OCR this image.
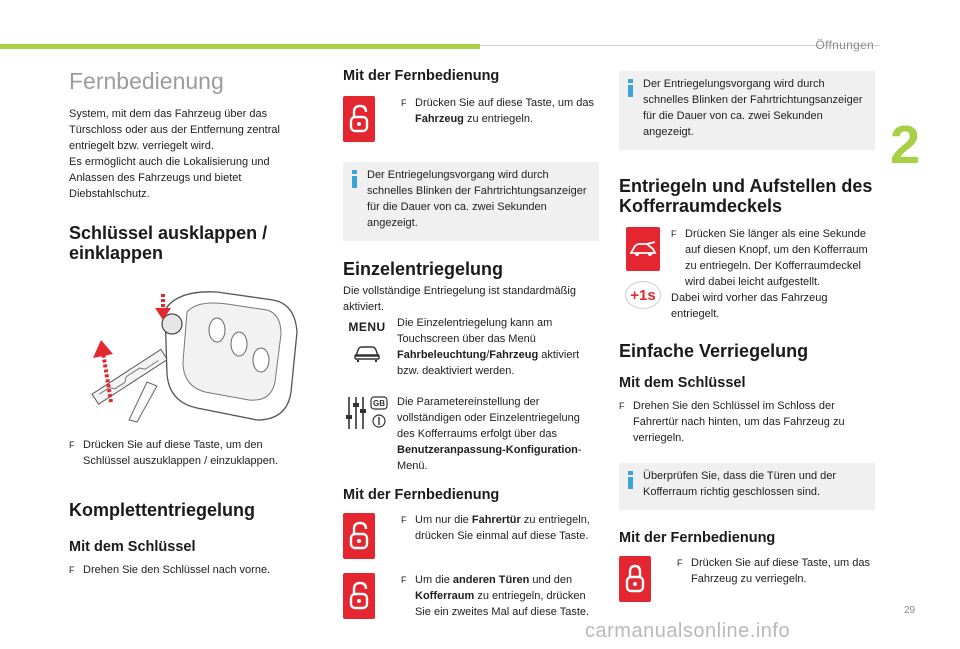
Öffnungen
2
29
carmanualsonline.info
Fernbedienung

System, mit dem das Fahrzeug über das Türschloss oder aus der Entfernung zentral entriegelt bzw. verriegelt wird.

Es ermöglicht auch die Lokalisierung und Anlassen des Fahrzeugs und bietet Diebstahlschutz.

Schlüssel ausklappen / einklappen
F Drücken Sie auf diese Taste, um den Schlüssel auszuklappen / einzuklappen.
Komplettentriegelung
Mit dem Schlüssel
F Drehen Sie den Schlüssel nach vorne.
Mit der Fernbedienung
F Drücken Sie auf diese Taste, um das Fahrzeug zu entriegeln.
Der Entriegelungsvorgang wird durch schnelles Blinken der Fahrtrichtungsanzeiger für die Dauer von ca. zwei Sekunden angezeigt.
Einzelentriegelung

Die vollständige Entriegelung ist standardmäßig aktiviert.

MENU Die Einzelentriegelung kann am Touchscreen über das Menü Fahrbeleuchtung/Fahrzeug aktiviert bzw. deaktiviert werden.

GB Die Parametereinstellung der vollständigen oder Einzelentriegelung des Kofferraums erfolgt über das Benutzeranpassung-Konfiguration-Menü.

Mit der Fernbedienung
F Um nur die Fahrertür zu entriegeln, drücken Sie einmal auf diese Taste.
F Um die anderen Türen und den Kofferraum zu entriegeln, drücken Sie ein zweites Mal auf diese Taste.
Der Entriegelungsvorgang wird durch schnelles Blinken der Fahrtrichtungsanzeiger für die Dauer von ca. zwei Sekunden angezeigt.
Entriegeln und Aufstellen des Kofferraumdeckels
+1s
F Drücken Sie länger als eine Sekunde auf diesen Knopf, um den Kofferraum zu entriegeln. Der Kofferraumdeckel wird dabei leicht aufgestellt.

Dabei wird vorher das Fahrzeug entriegelt.

Einfache Verriegelung
Mit dem Schlüssel
F Drehen Sie den Schlüssel im Schloss der Fahrertür nach hinten, um das Fahrzeug zu verriegeln.
Überprüfen Sie, dass die Türen und der Kofferraum richtig geschlossen sind.
Mit der Fernbedienung
F Drücken Sie auf diese Taste, um das Fahrzeug zu verriegeln.
